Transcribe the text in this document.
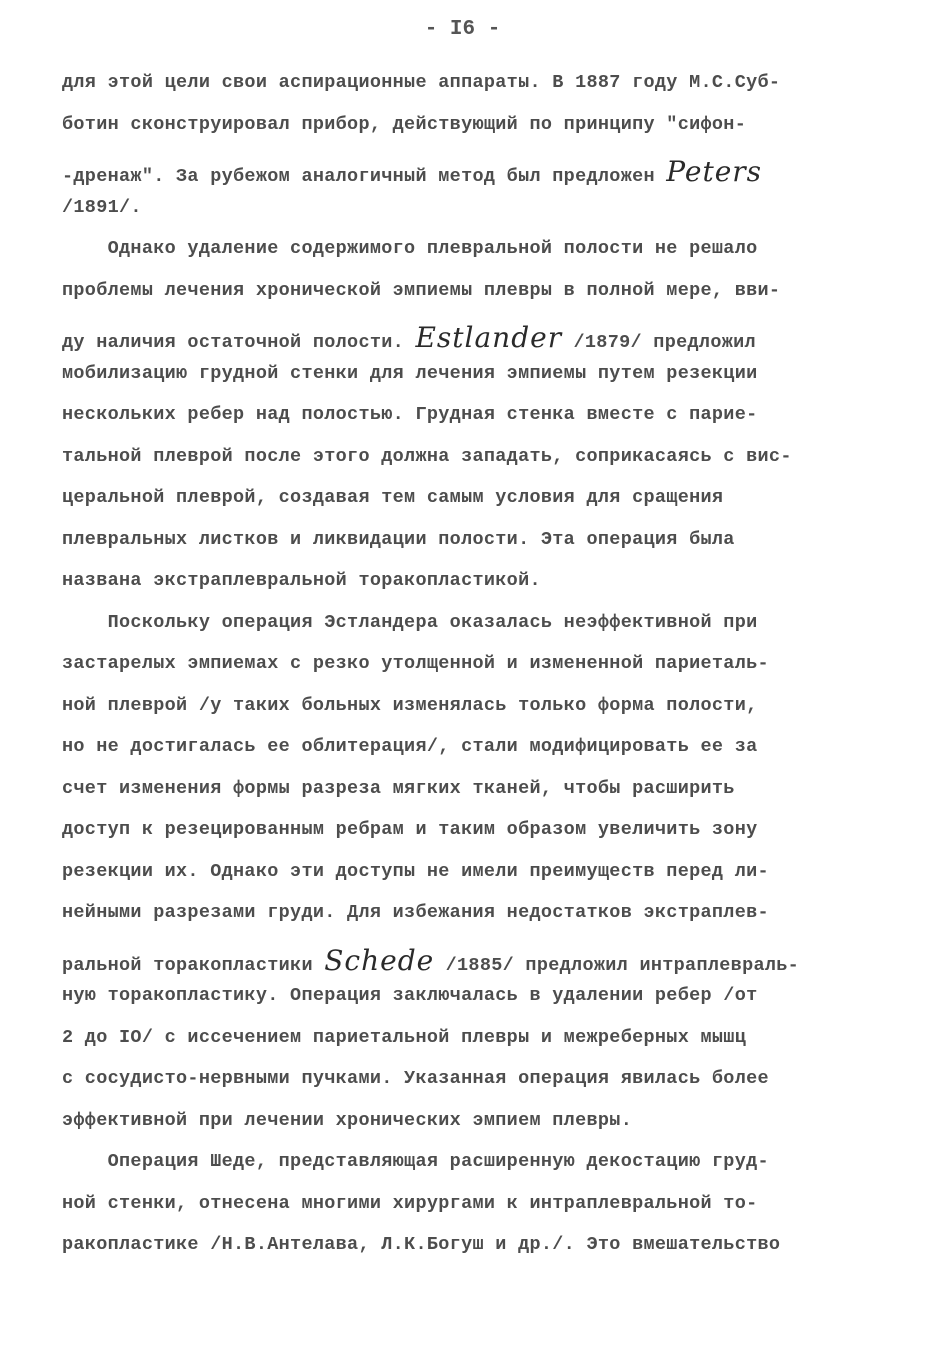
- I6 -
для этой цели свои аспирационные аппараты. В 1887 году М.С.Суб-
ботин сконструировал прибор, действующий по принципу "сифон-
-дренаж". За рубежом аналогичный метод был предложен Peters
/1891/.
Однако удаление содержимого плевральной полости не решало
проблемы лечения хронической эмпиемы плевры в полной мере, вви-
ду наличия остаточной полости. Estlander /1879/ предложил
мобилизацию грудной стенки для лечения эмпиемы путем резекции
нескольких ребер над полостью. Грудная стенка вместе с парие-
тальной плеврой после этого должна западать, соприкасаясь с вис-
церальной плеврой, создавая тем самым условия для сращения
плевральных листков и ликвидации полости. Эта операция была
названа экстраплевральной торакопластикой.
Поскольку операция Эстландера оказалась неэффективной при
застарелых эмпиемах с резко утолщенной и измененной париеталь-
ной плеврой /у таких больных изменялась только форма полости,
но не достигалась ее облитерация/, стали модифицировать ее за
счет изменения формы разреза мягких тканей, чтобы расширить
доступ к резецированным ребрам и таким образом увеличить зону
резекции их. Однако эти доступы не имели преимуществ перед ли-
нейными разрезами груди. Для избежания недостатков экстраплев-
ральной торакопластики Schede /1885/ предложил интраплевраль-
ную торакопластику. Операция заключалась в удалении ребер /от
2 до IO/ с иссечением париетальной плевры и межреберных мышц
с сосудисто-нервными пучками. Указанная операция явилась более
эффективной при лечении хронических эмпием плевры.
Операция Шеде, представляющая расширенную декостацию груд-
ной стенки, отнесена многими хирургами к интраплевральной то-
ракопластике /Н.В.Антелава, Л.К.Богуш и др./. Это вмешательство
